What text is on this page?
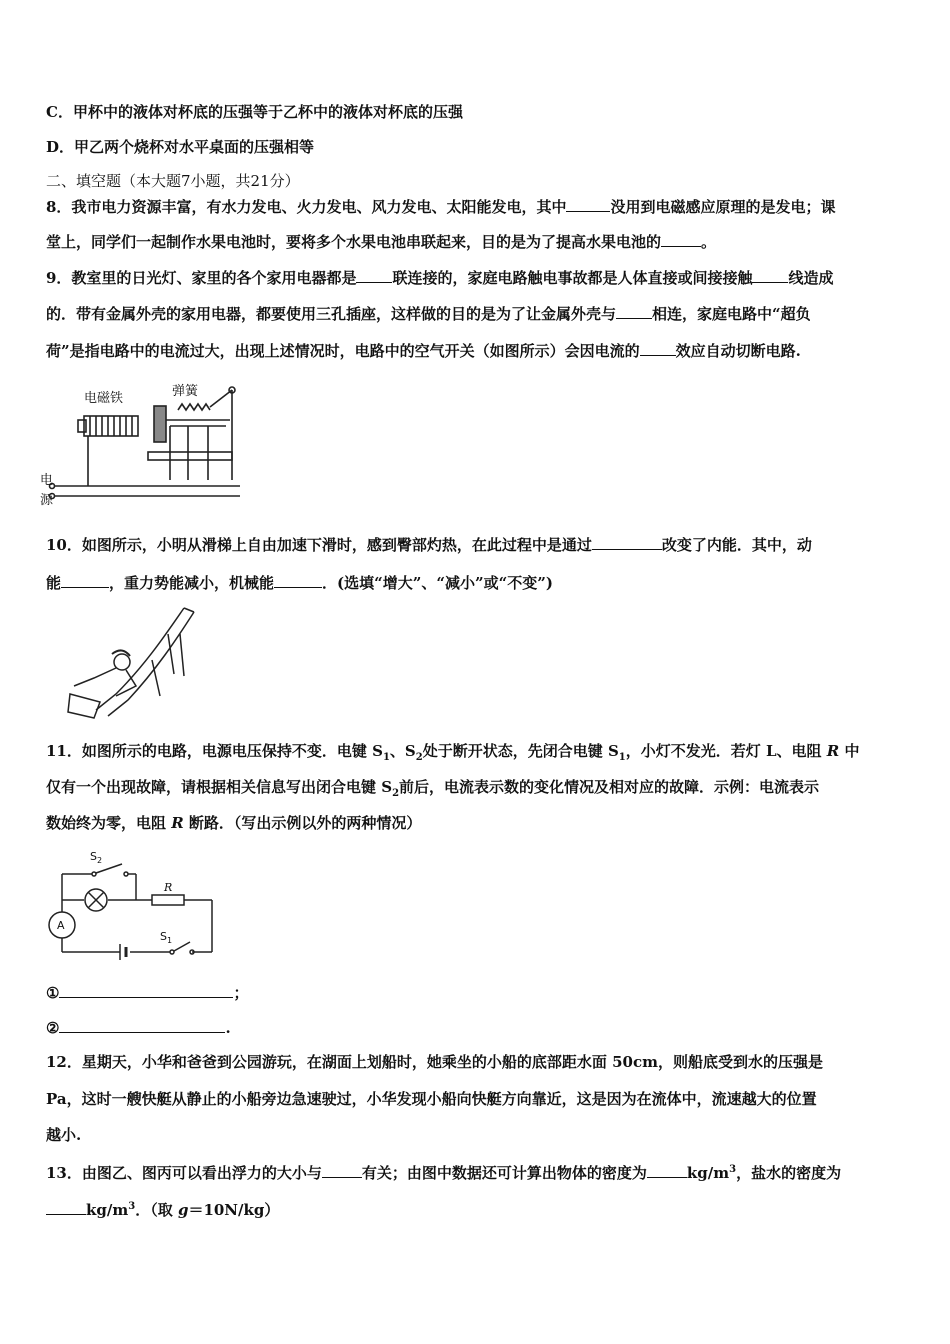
C．甲杯中的液体对杯底的压强等于乙杯中的液体对杯底的压强
D．甲乙两个烧杯对水平桌面的压强相等
二、填空题（本大题7小题，共21分）
8．我市电力资源丰富，有水力发电、火力发电、风力发电、太阳能发电，其中	没用到电磁感应原理的是发电；课
堂上，同学们一起制作水果电池时，要将多个水果电池串联起来，目的是为了提高水果电池的	。
9．教室里的日光灯、家里的各个家用电器都是 联连接的，家庭电路触电事故都是人体直接或间接接触 线造成
的．带有金属外壳的家用电器，都要使用三孔插座，这样做的目的是为了让金属外壳与 相连，家庭电路中“超负
荷”是指电路中的电流过大，出现上述情况时，电路中的空气开关（如图所示）会因电流的 效应自动切断电路.
电磁铁	弹簧
电
源
10．如图所示，小明从滑梯上自由加速下滑时，感到臀部灼热，在此过程中是通过	改变了内能．其中，动
能	，重力势能减小，机械能	．(选填“增大”、“减小”或“不变”)
11．如图所示的电路，电源电压保持不变．电键 $S_1$、$S_2$处于断开状态，先闭合电键 $S_1$，小灯不发光．若灯 L、电阻 R 中
仅有一个出现故障，请根据相关信息写出闭合电键 $S_2$前后，电流表示数的变化情况及相对应的故障．示例：电流表示
数始终为零，电阻 R 断路．（写出示例以外的两种情况）
$S_2$
R
$S_1$
A
①	；
②	.
12．星期天，小华和爸爸到公园游玩，在湖面上划船时，她乘坐的小船的底部距水面 50cm，则船底受到水的压强是
Pa，这时一艘快艇从静止的小船旁边急速驶过，小华发现小船向快艇方向靠近，这是因为在流体中，流速越大的位置
越小.
13．由图乙、图丙可以看出浮力的大小与	有关；由图中数据还可计算出物体的密度为	$kg/m^3$，盐水的密度为
$kg/m^3$．（取 g＝10N/kg）
